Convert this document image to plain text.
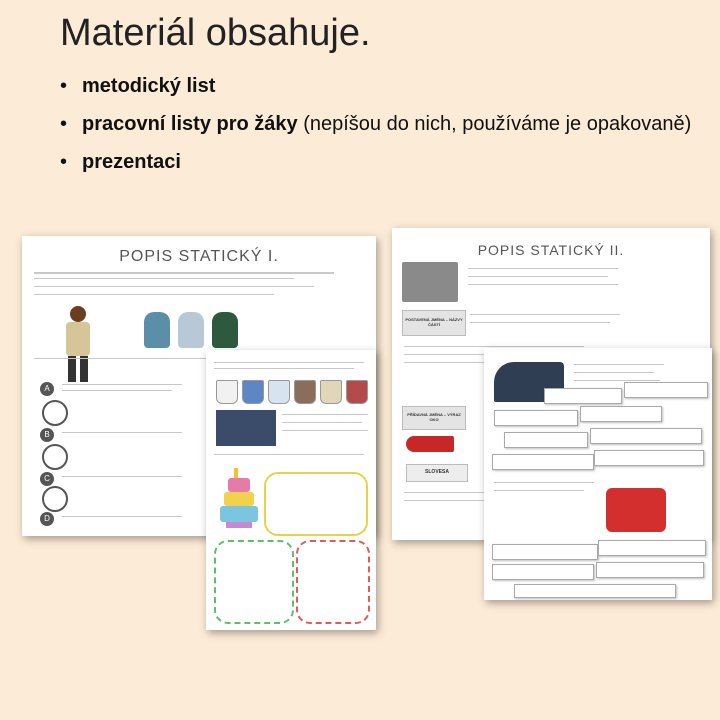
Materiál obsahuje.
• metodický list
• pracovní listy pro žáky (nepíšou do nich, používáme je opakovaně)
• prezentaci
POPIS STATICKÝ I.
A
B
C
D
POPIS STATICKÝ II.
POSTAVENÁ JMÉNA – NÁZVY ČÁSTÍ
PŘÍDAVNÁ JMÉNA – VÝRAZ OKO
SLOVESA
